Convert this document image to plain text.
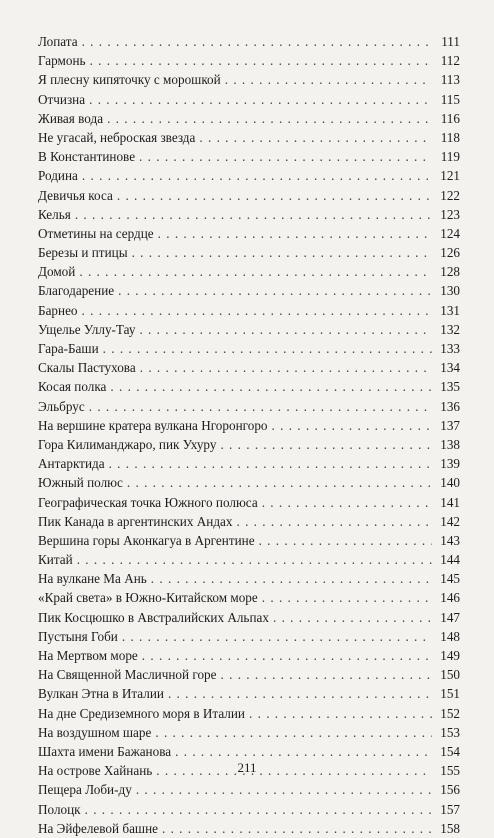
Лопата . . .	111
Гармонь . . .	112
Я плесну кипяточку с морошкой . . .	113
Отчизна . . .	115
Живая вода . . .	116
Не угасай, неброская звезда . . .	118
В Константинове . . .	119
Родина . . .	121
Девичья коса . . .	122
Келья . . .	123
Отметины на сердце . . .	124
Березы и птицы . . .	126
Домой . . .	128
Благодарение . . .	130
Барнео . . .	131
Ущелье Уллу-Тау . . .	132
Гара-Баши . . .	133
Скалы Пастухова . . .	134
Косая полка . . .	135
Эльбрус . . .	136
На вершине кратера вулкана Нгоронгоро . . .	137
Гора Килиманджаро, пик Ухуру . . .	138
Антарктида . . .	139
Южный полюс . . .	140
Географическая точка Южного полюса . . .	141
Пик Канада в аргентинских Андах . . .	142
Вершина горы Аконкагуа в Аргентине . . .	143
Китай . . .	144
На вулкане Ма Ань . . .	145
«Край света» в Южно-Китайском море . . .	146
Пик Косцюшко в Австралийских Альпах . . .	147
Пустыня Гоби . . .	148
На Мертвом море . . .	149
На Священной Масличной горе . . .	150
Вулкан Этна в Италии . . .	151
На дне Средиземного моря в Италии . . .	152
На воздушном шаре . . .	153
Шахта имени Бажанова . . .	154
На острове Хайнань . . .	155
Пещера Лоби-ду . . .	156
Полоцк . . .	157
На Эйфелевой башне . . .	158
211
